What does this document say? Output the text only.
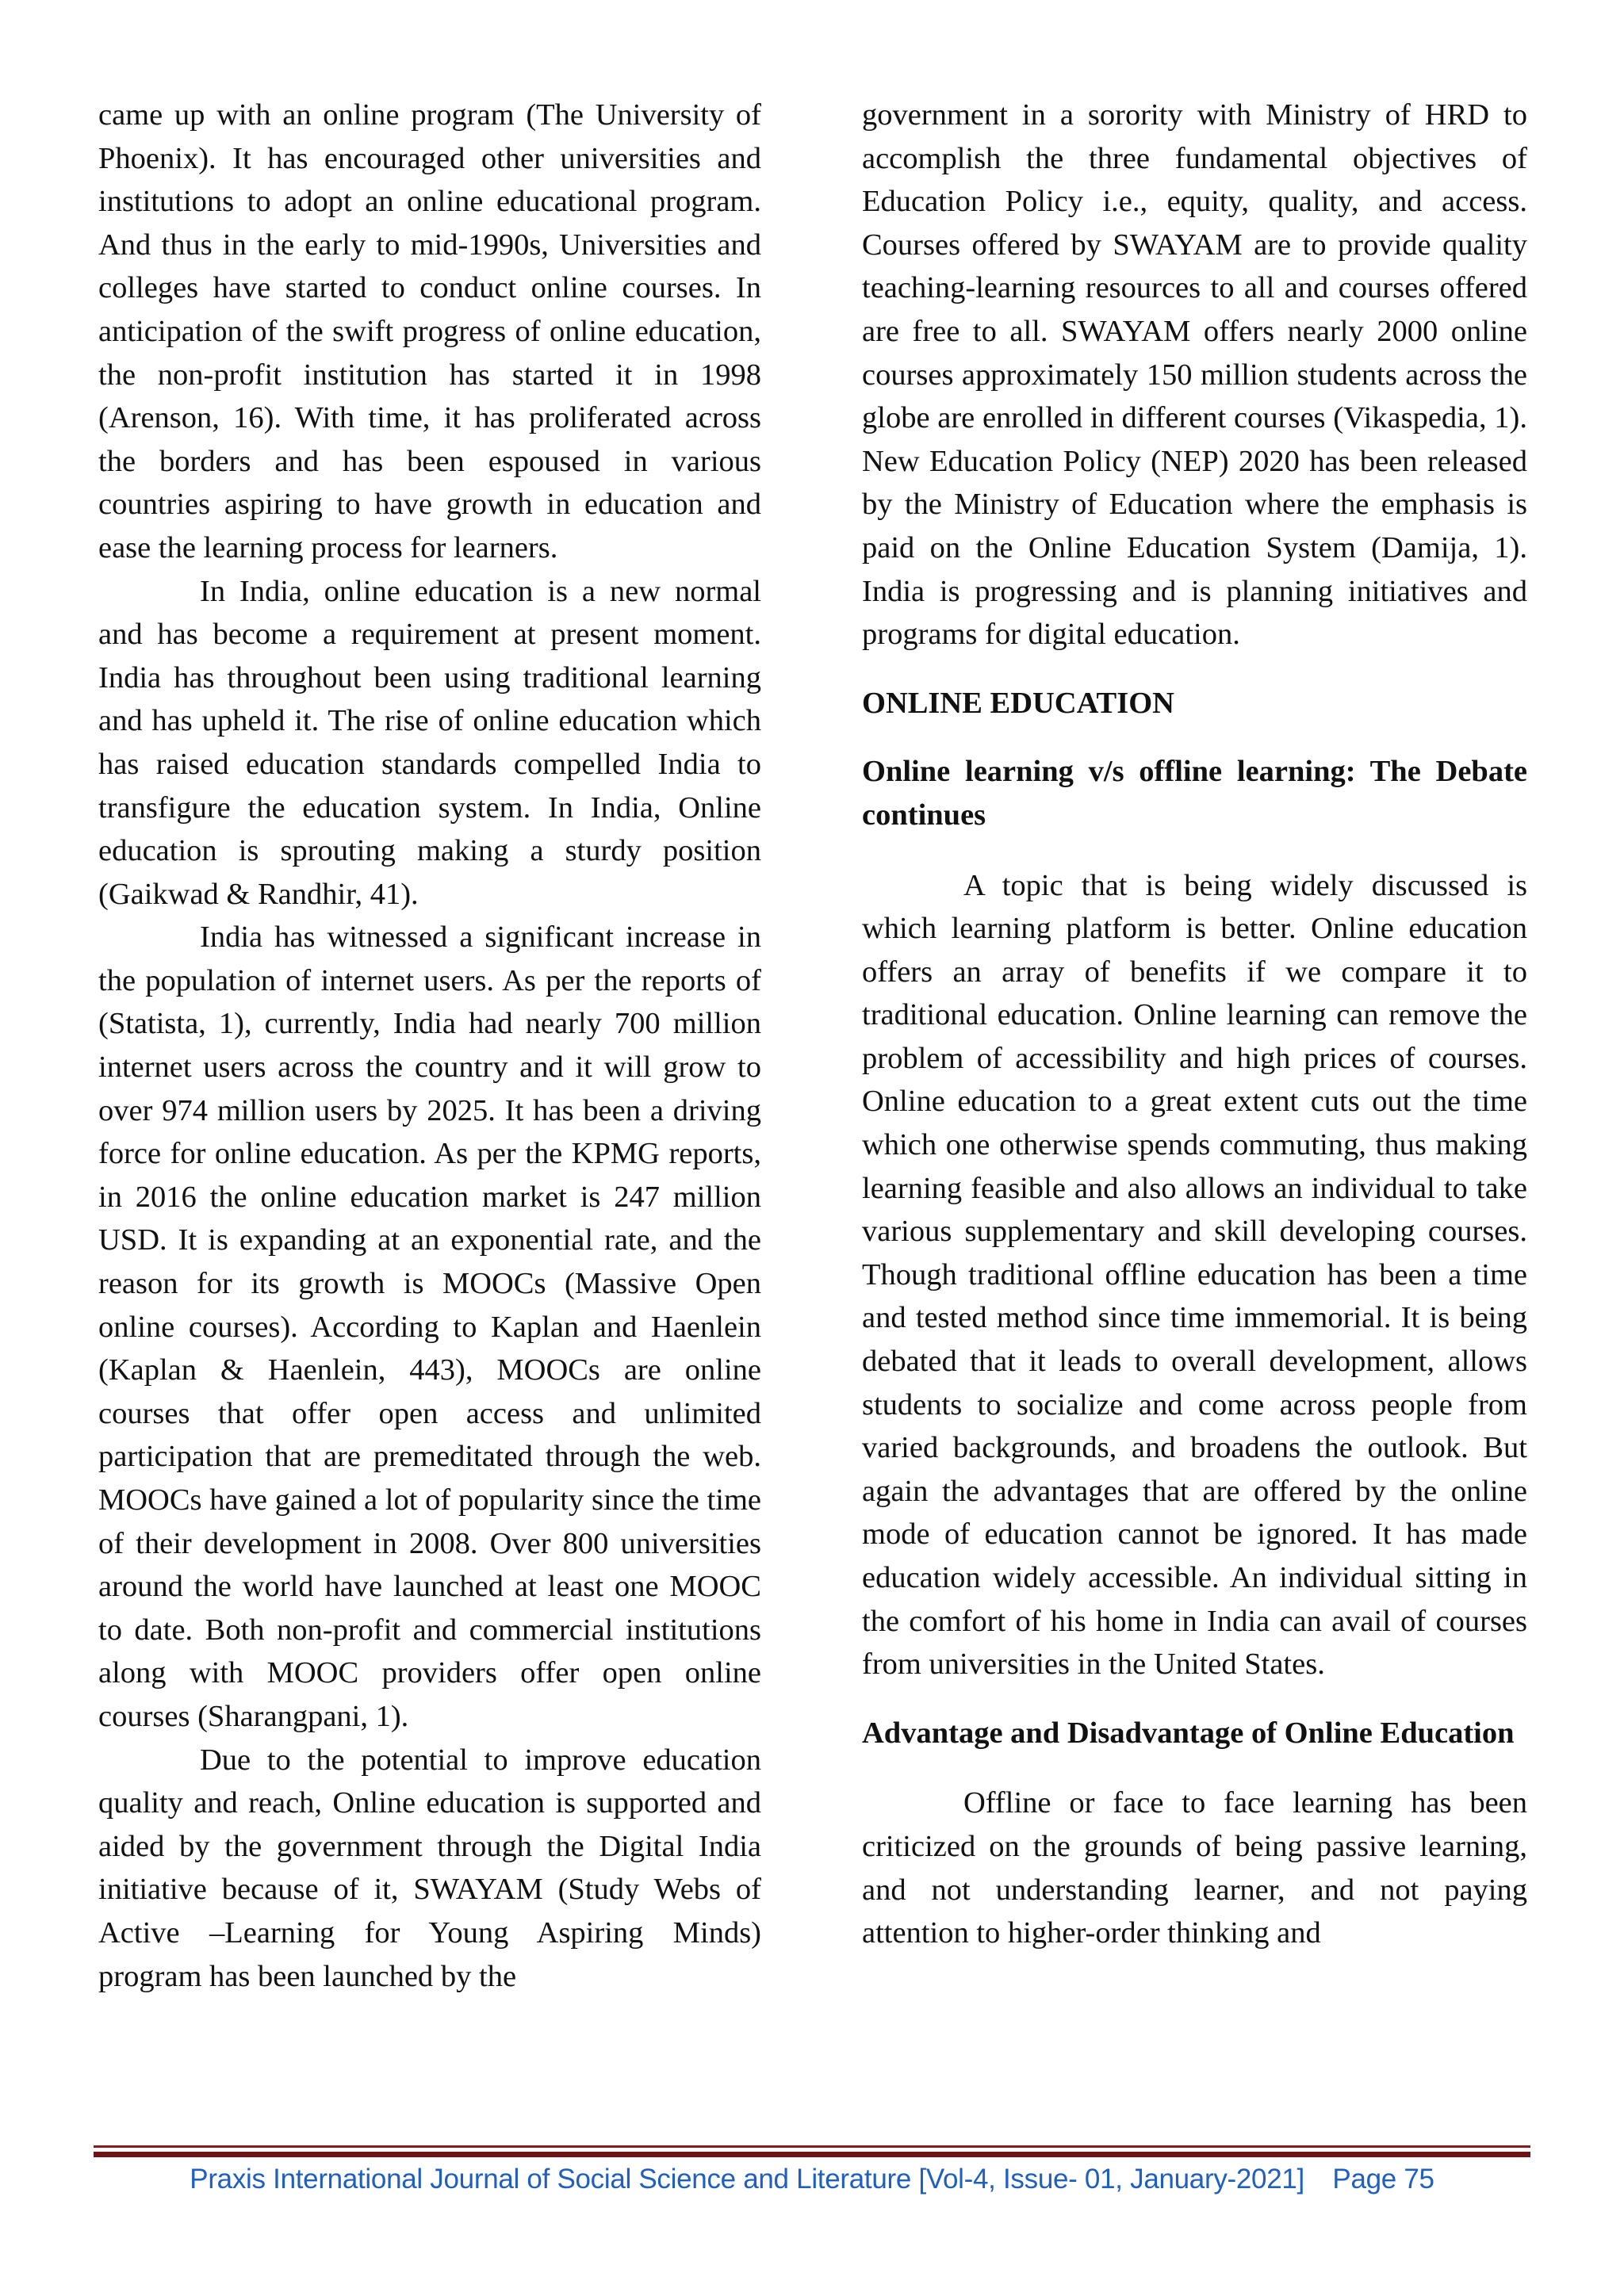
came up with an online program (The University of Phoenix). It has encouraged other universities and institutions to adopt an online educational program. And thus in the early to mid-1990s, Universities and colleges have started to conduct online courses. In anticipation of the swift progress of online education, the non-profit institution has started it in 1998 (Arenson, 16). With time, it has proliferated across the borders and has been espoused in various countries aspiring to have growth in education and ease the learning process for learners.

In India, online education is a new normal and has become a requirement at present moment. India has throughout been using traditional learning and has upheld it. The rise of online education which has raised education standards compelled India to transfigure the education system. In India, Online education is sprouting making a sturdy position (Gaikwad & Randhir, 41).

India has witnessed a significant increase in the population of internet users. As per the reports of (Statista, 1), currently, India had nearly 700 million internet users across the country and it will grow to over 974 million users by 2025. It has been a driving force for online education. As per the KPMG reports, in 2016 the online education market is 247 million USD. It is expanding at an exponential rate, and the reason for its growth is MOOCs (Massive Open online courses). According to Kaplan and Haenlein (Kaplan & Haenlein, 443), MOOCs are online courses that offer open access and unlimited participation that are premeditated through the web. MOOCs have gained a lot of popularity since the time of their development in 2008. Over 800 universities around the world have launched at least one MOOC to date. Both non-profit and commercial institutions along with MOOC providers offer open online courses (Sharangpani, 1).

Due to the potential to improve education quality and reach, Online education is supported and aided by the government through the Digital India initiative because of it, SWAYAM (Study Webs of Active –Learning for Young Aspiring Minds) program has been launched by the

government in a sorority with Ministry of HRD to accomplish the three fundamental objectives of Education Policy i.e., equity, quality, and access. Courses offered by SWAYAM are to provide quality teaching-learning resources to all and courses offered are free to all. SWAYAM offers nearly 2000 online courses approximately 150 million students across the globe are enrolled in different courses (Vikaspedia, 1). New Education Policy (NEP) 2020 has been released by the Ministry of Education where the emphasis is paid on the Online Education System (Damija, 1). India is progressing and is planning initiatives and programs for digital education.

ONLINE EDUCATION
Online learning v/s offline learning: The Debate continues

A topic that is being widely discussed is which learning platform is better. Online education offers an array of benefits if we compare it to traditional education. Online learning can remove the problem of accessibility and high prices of courses. Online education to a great extent cuts out the time which one otherwise spends commuting, thus making learning feasible and also allows an individual to take various supplementary and skill developing courses. Though traditional offline education has been a time and tested method since time immemorial. It is being debated that it leads to overall development, allows students to socialize and come across people from varied backgrounds, and broadens the outlook. But again the advantages that are offered by the online mode of education cannot be ignored. It has made education widely accessible. An individual sitting in the comfort of his home in India can avail of courses from universities in the United States.

Advantage and Disadvantage of Online Education

Offline or face to face learning has been criticized on the grounds of being passive learning, and not understanding learner, and not paying attention to higher-order thinking and

Praxis International Journal of Social Science and Literature [Vol-4, Issue- 01, January-2021] Page 75
